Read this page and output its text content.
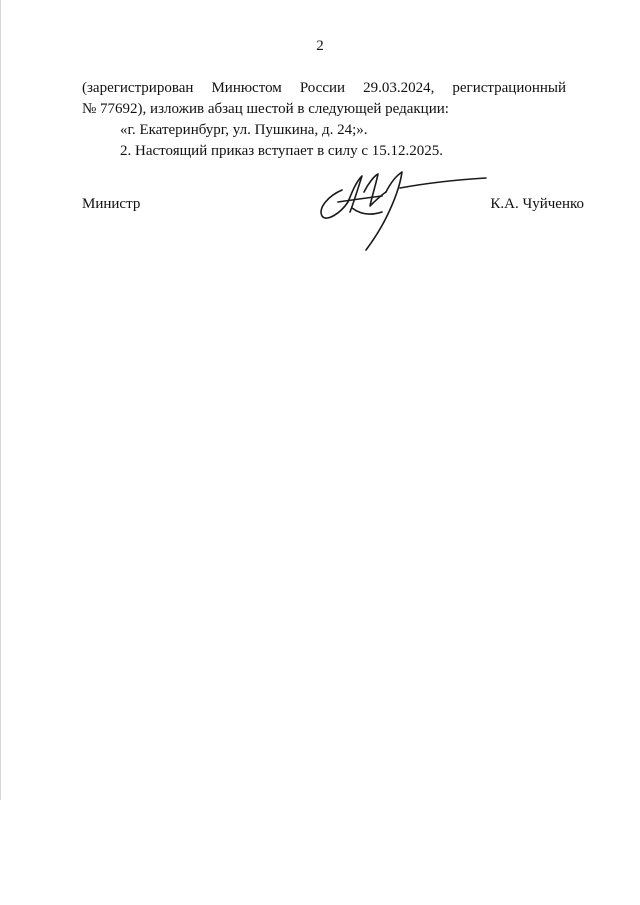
2
(зарегистрирован Минюстом России 29.03.2024, регистрационный
№ 77692), изложив абзац шестой в следующей редакции:
«г. Екатеринбург, ул. Пушкина, д. 24;».
2. Настоящий приказ вступает в силу с 15.12.2025.
Министр	К.А. Чуйченко
